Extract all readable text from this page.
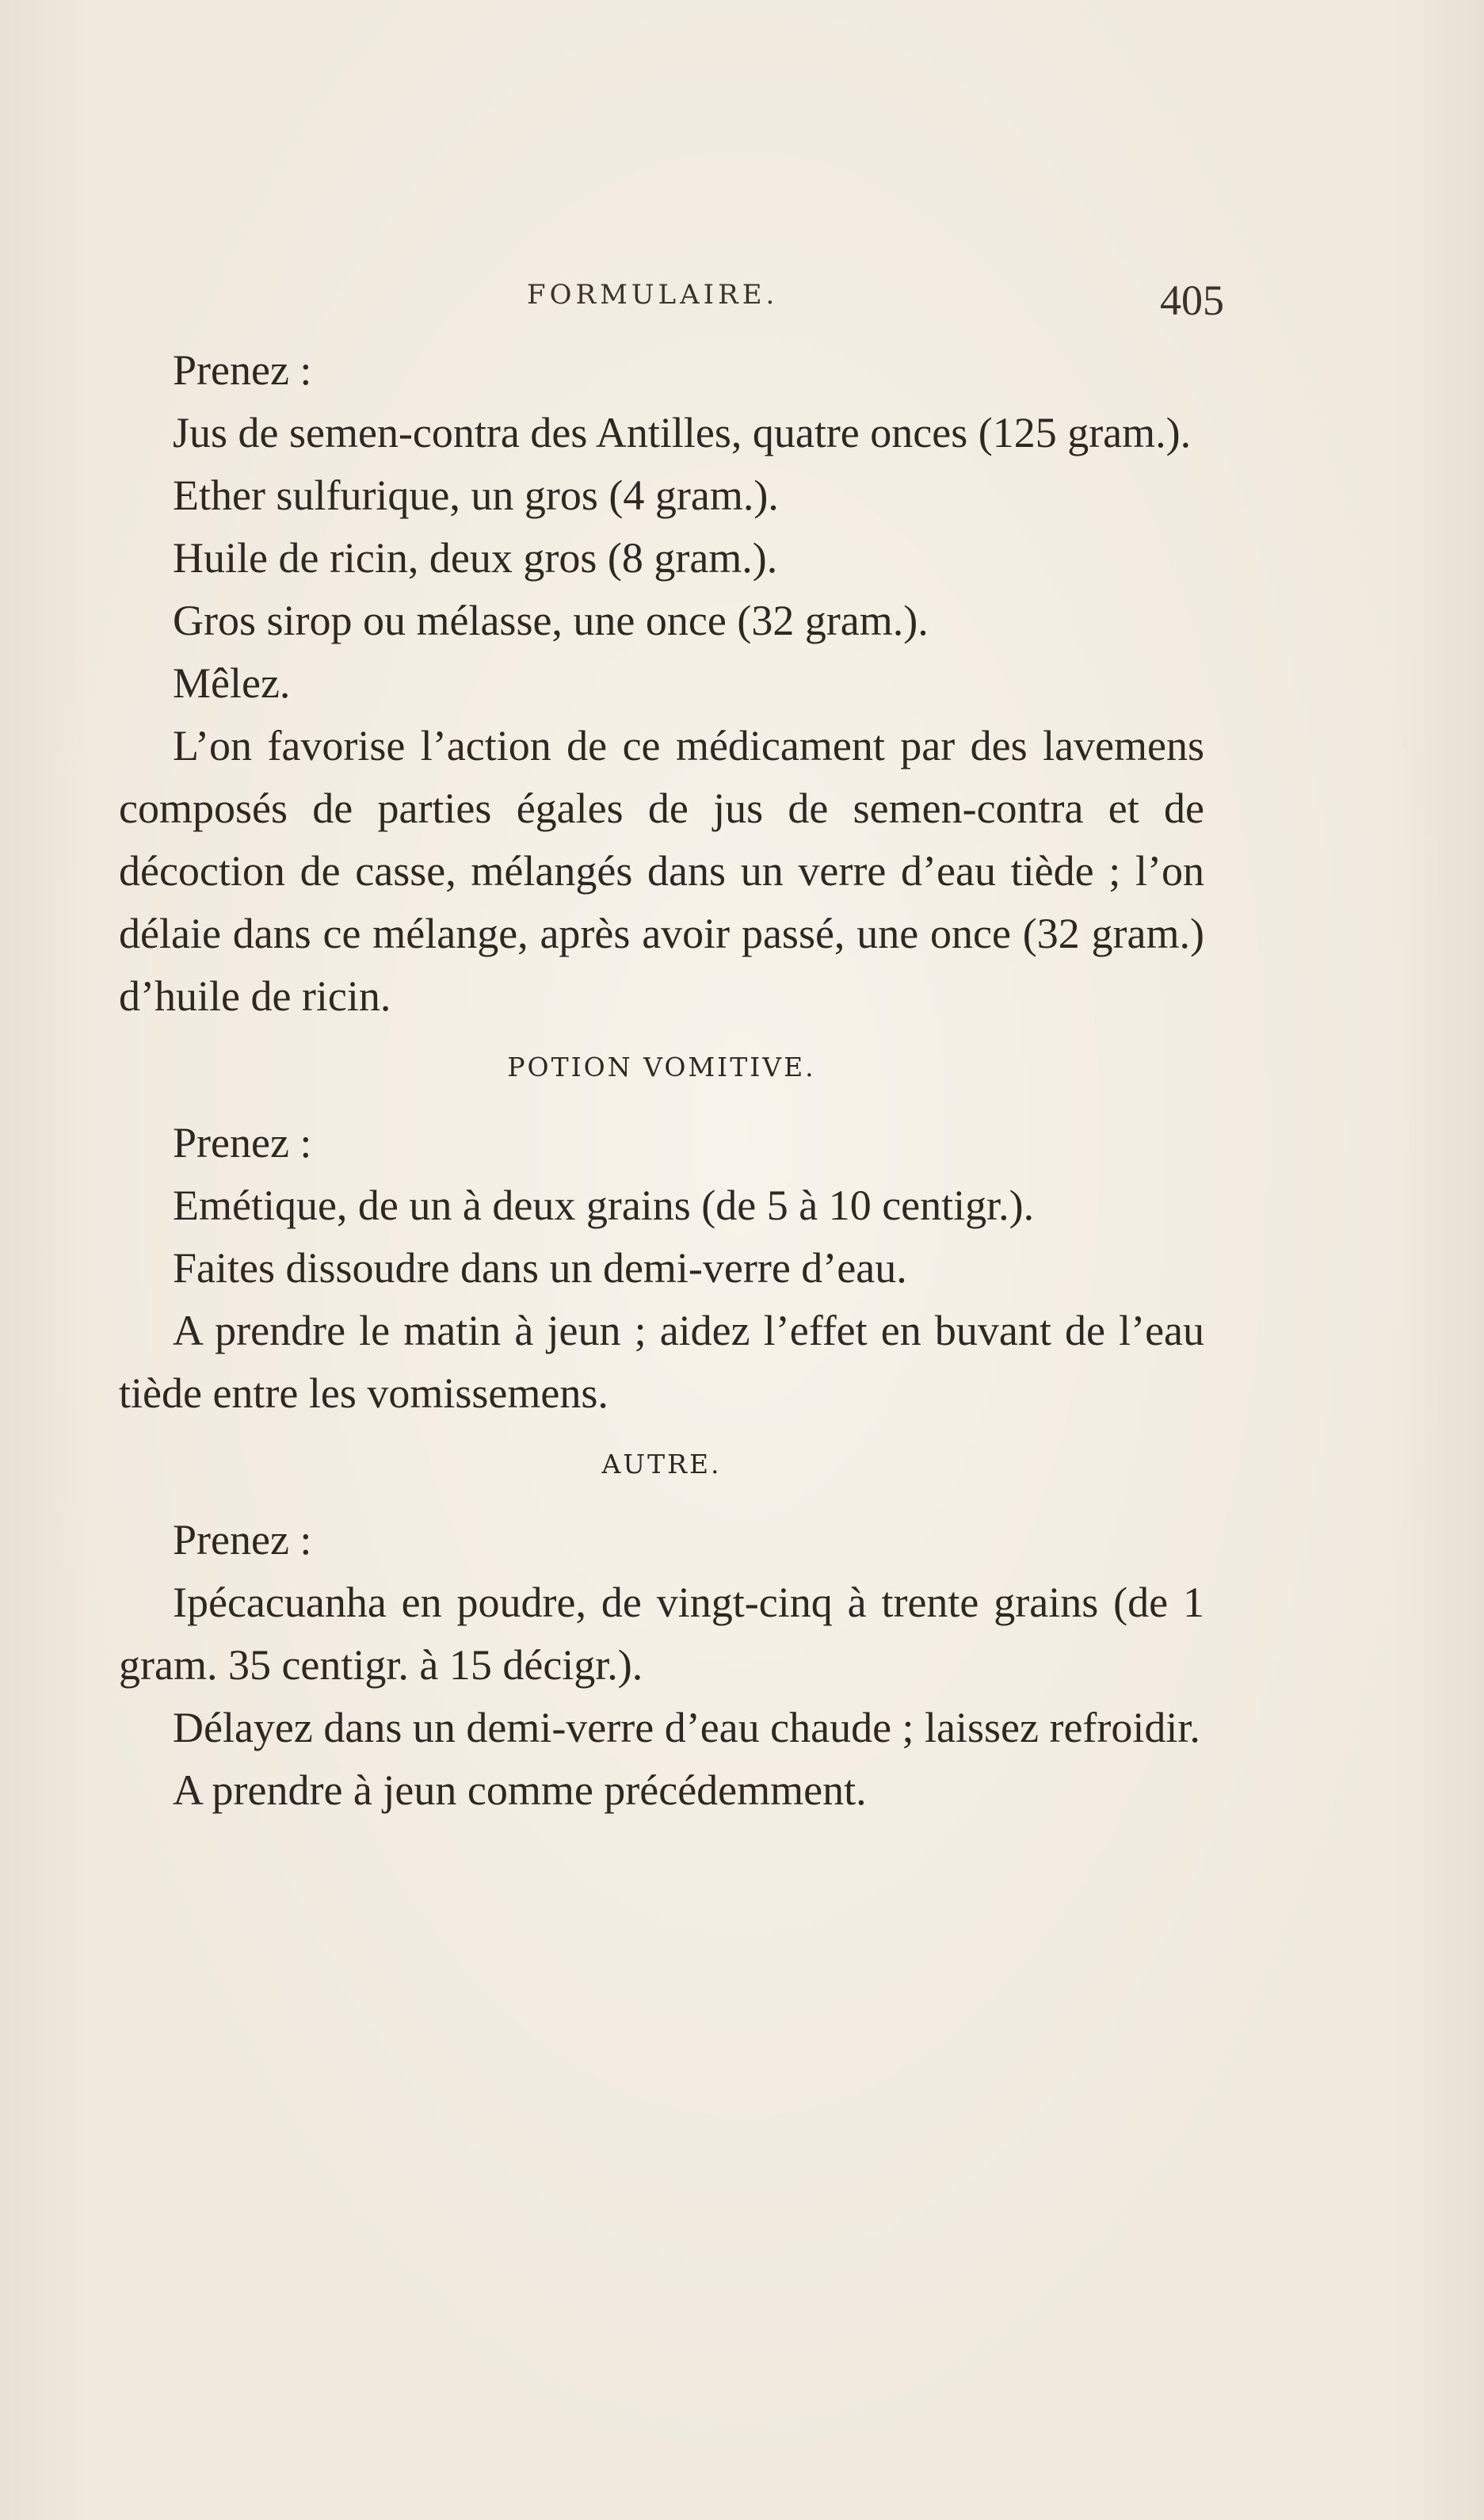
FORMULAIRE.	405

Prenez :

Jus de semen-contra des Antilles, quatre onces (125 gram.).

Ether sulfurique, un gros (4 gram.).

Huile de ricin, deux gros (8 gram.).

Gros sirop ou mélasse, une once (32 gram.).

Mêlez.

L’on favorise l’action de ce médicament par des lavemens composés de parties égales de jus de semen-contra et de décoction de casse, mélangés dans un verre d’eau tiède ; l’on délaie dans ce mélange, après avoir passé, une once (32 gram.) d’huile de ricin.

POTION VOMITIVE.

Prenez :

Emétique, de un à deux grains (de 5 à 10 centigr.).

Faites dissoudre dans un demi-verre d’eau.

A prendre le matin à jeun ; aidez l’effet en buvant de l’eau tiède entre les vomissemens.

AUTRE.

Prenez :

Ipécacuanha en poudre, de vingt-cinq à trente grains (de 1 gram. 35 centigr. à 15 décigr.).

Délayez dans un demi-verre d’eau chaude ; laissez refroidir.

A prendre à jeun comme précédemment.
